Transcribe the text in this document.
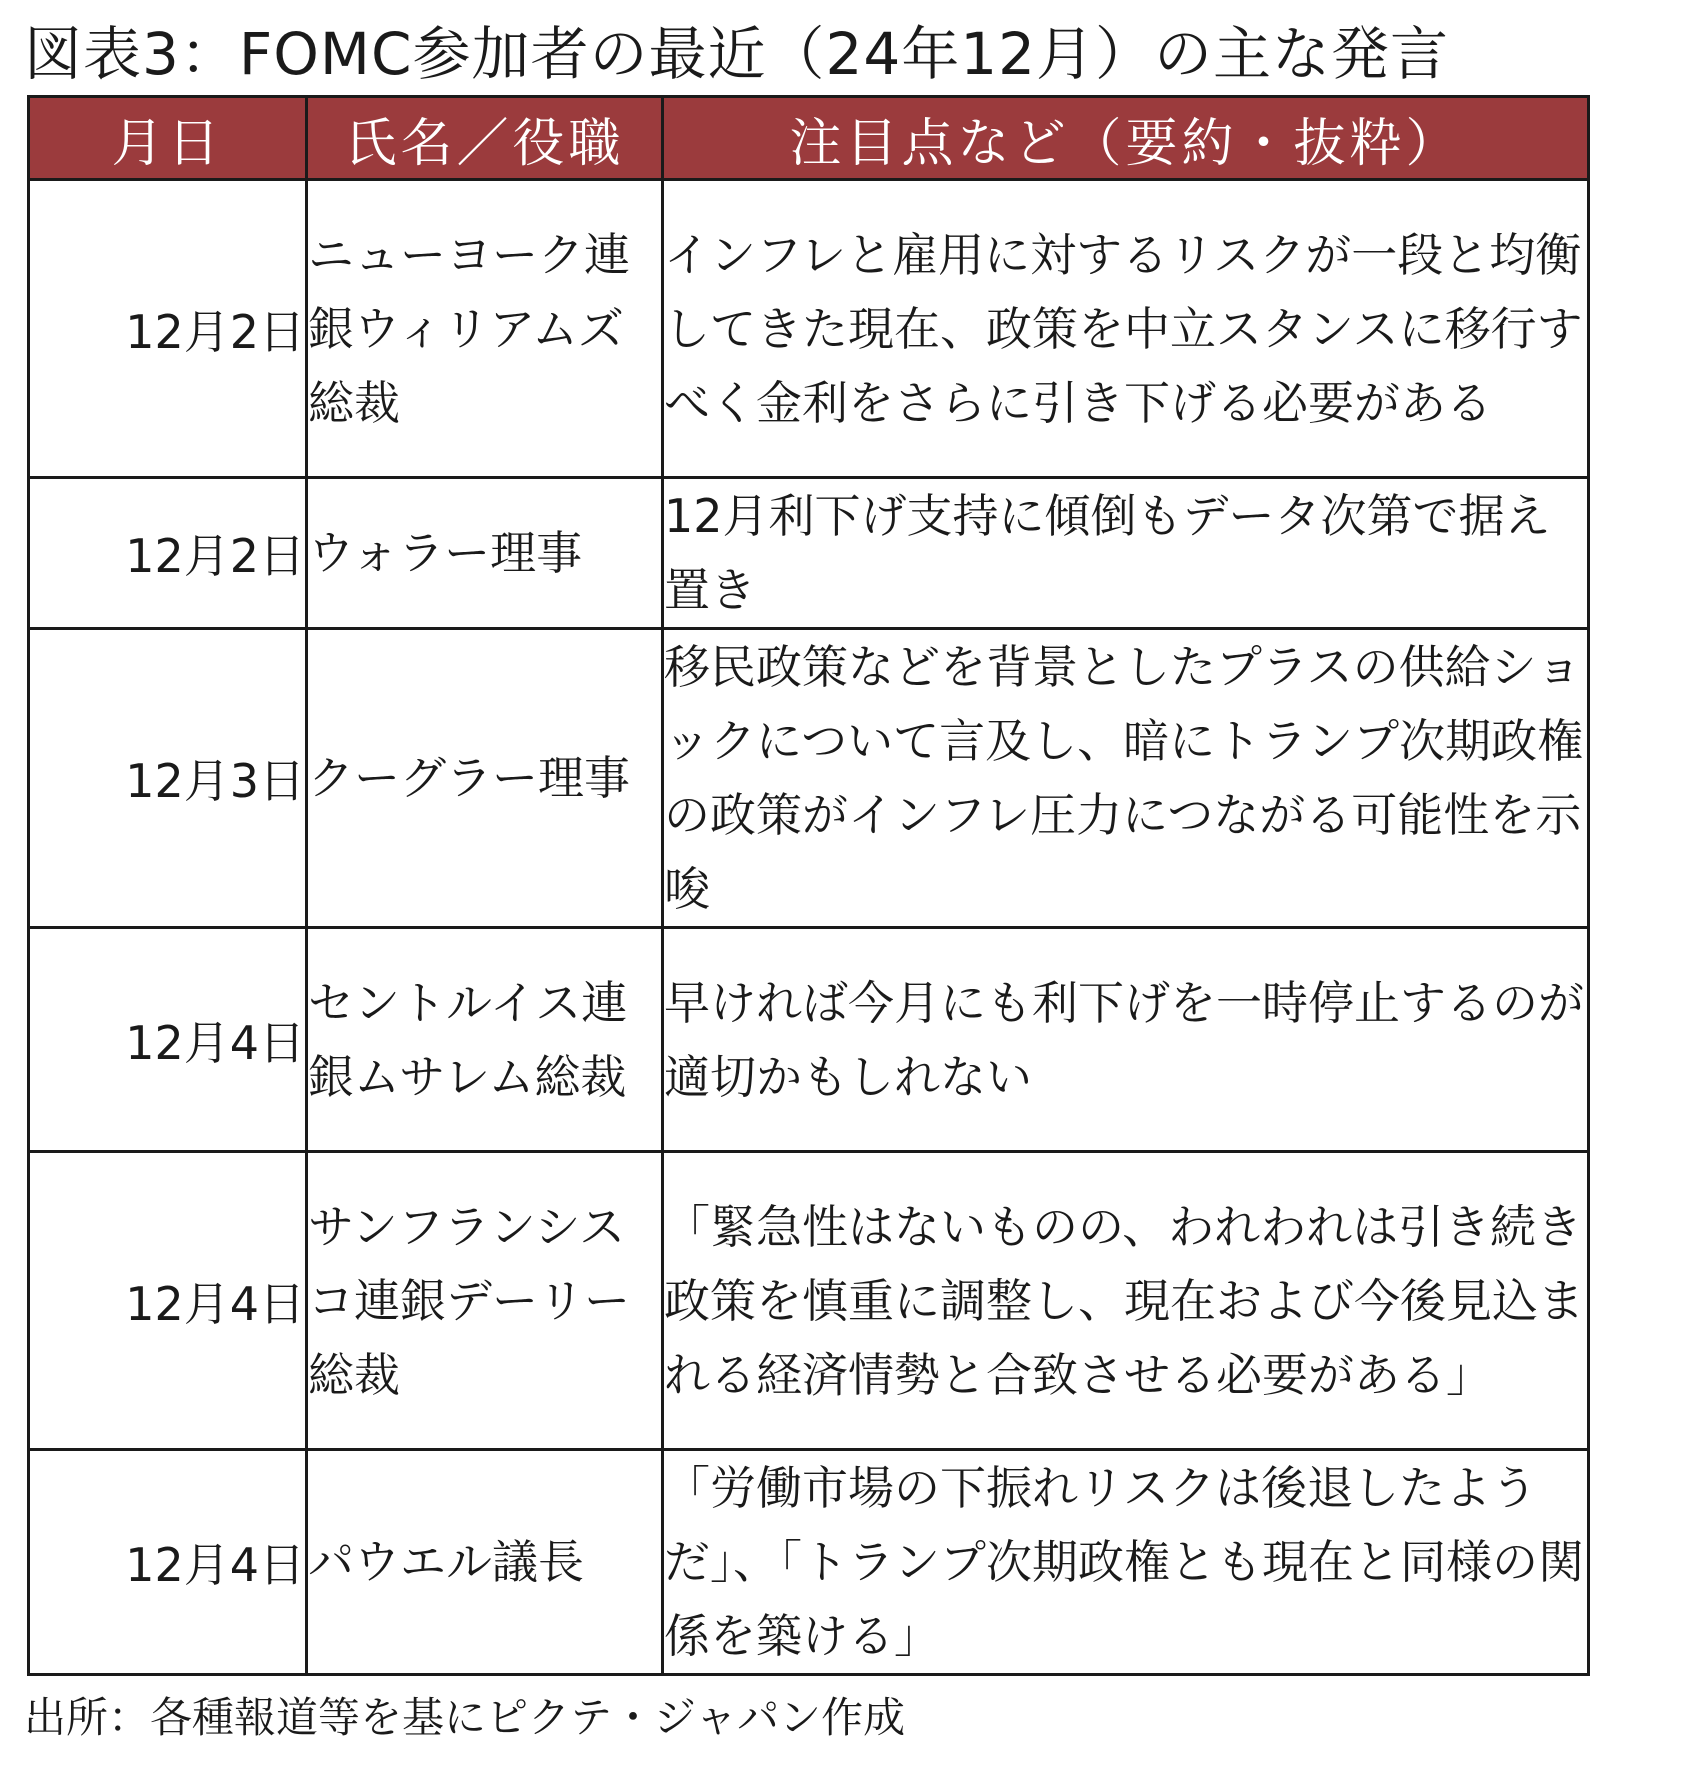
図表3：FOMC参加者の最近（24年12月）の主な発言
月日	氏名／役職	注目点など（要約・抜粋）
12月2日	ニューヨーク連銀ウィリアムズ総裁	インフレと雇用に対するリスクが一段と均衡してきた現在、政策を中立スタンスに移行すべく金利をさらに引き下げる必要がある
12月2日	ウォラー理事	12月利下げ支持に傾倒もデータ次第で据え置き
12月3日	クーグラー理事	移民政策などを背景としたプラスの供給ショックについて言及し、暗にトランプ次期政権の政策がインフレ圧力につながる可能性を示唆
12月4日	セントルイス連銀ムサレム総裁	早ければ今月にも利下げを一時停止するのが適切かもしれない
12月4日	サンフランシスコ連銀デーリー総裁	「緊急性はないものの、われわれは引き続き政策を慎重に調整し、現在および今後見込まれる経済情勢と合致させる必要がある」
12月4日	パウエル議長	「労働市場の下振れリスクは後退したようだ」、「トランプ次期政権とも現在と同様の関係を築ける」
出所：各種報道等を基にピクテ・ジャパン作成
